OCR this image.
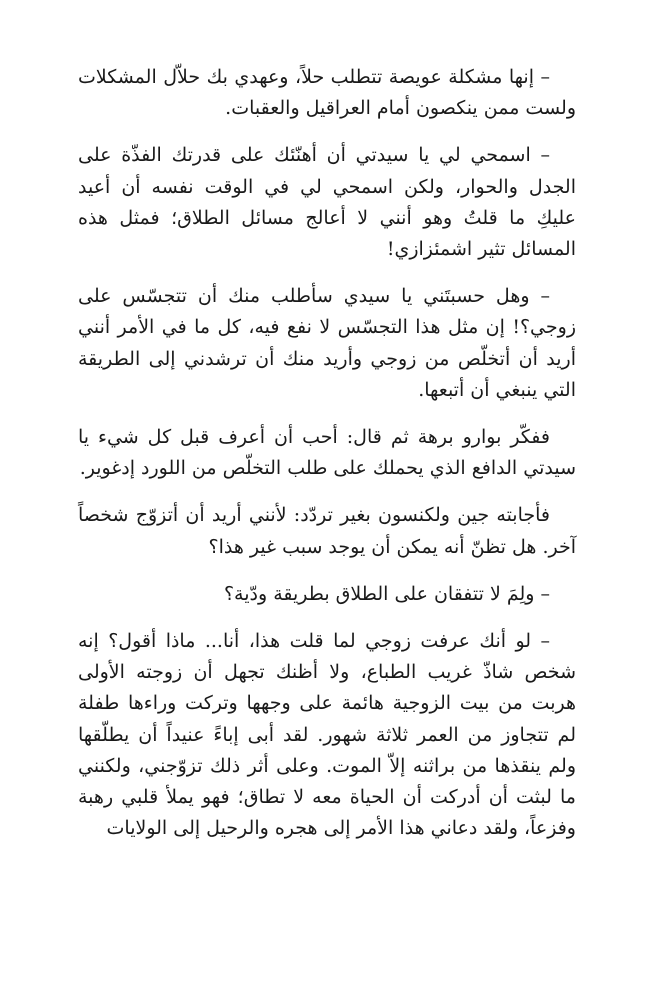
– إنها مشكلة عويصة تتطلب حلاً، وعهدي بك حلاّل المشكلات ولست ممن ينكصون أمام العراقيل والعقبات.

– اسمحي لي يا سيدتي أن أهنّئك على قدرتك الفذّة على الجدل والحوار، ولكن اسمحي لي في الوقت نفسه أن أعيد عليكِ ما قلتُ وهو أنني لا أعالج مسائل الطلاق؛ فمثل هذه المسائل تثير اشمئزازي!

– وهل حسبتَني يا سيدي سأطلب منك أن تتجسّس على زوجي؟! إن مثل هذا التجسّس لا نفع فيه، كل ما في الأمر أنني أريد أن أتخلّص من زوجي وأريد منك أن ترشدني إلى الطريقة التي ينبغي أن أتبعها.

ففكّر بوارو برهة ثم قال: أحب أن أعرف قبل كل شيء يا سيدتي الدافع الذي يحملك على طلب التخلّص من اللورد إدغوير.

فأجابته جين ولكنسون بغير تردّد: لأنني أريد أن أتزوّج شخصاً آخر. هل تظنّ أنه يمكن أن يوجد سبب غير هذا؟

– ولِمَ لا تتفقان على الطلاق بطريقة ودّية؟

– لو أنك عرفت زوجي لما قلت هذا، أنا... ماذا أقول؟ إنه شخص شاذّ غريب الطباع، ولا أظنك تجهل أن زوجته الأولى هربت من بيت الزوجية هائمة على وجهها وتركت وراءها طفلة لم تتجاوز من العمر ثلاثة شهور. لقد أبى إباءً عنيداً أن يطلّقها ولم ينقذها من براثنه إلاّ الموت. وعلى أثر ذلك تزوّجني، ولكنني ما لبثت أن أدركت أن الحياة معه لا تطاق؛ فهو يملأ قلبي رهبة وفزعاً، ولقد دعاني هذا الأمر إلى هجره والرحيل إلى الولايات
